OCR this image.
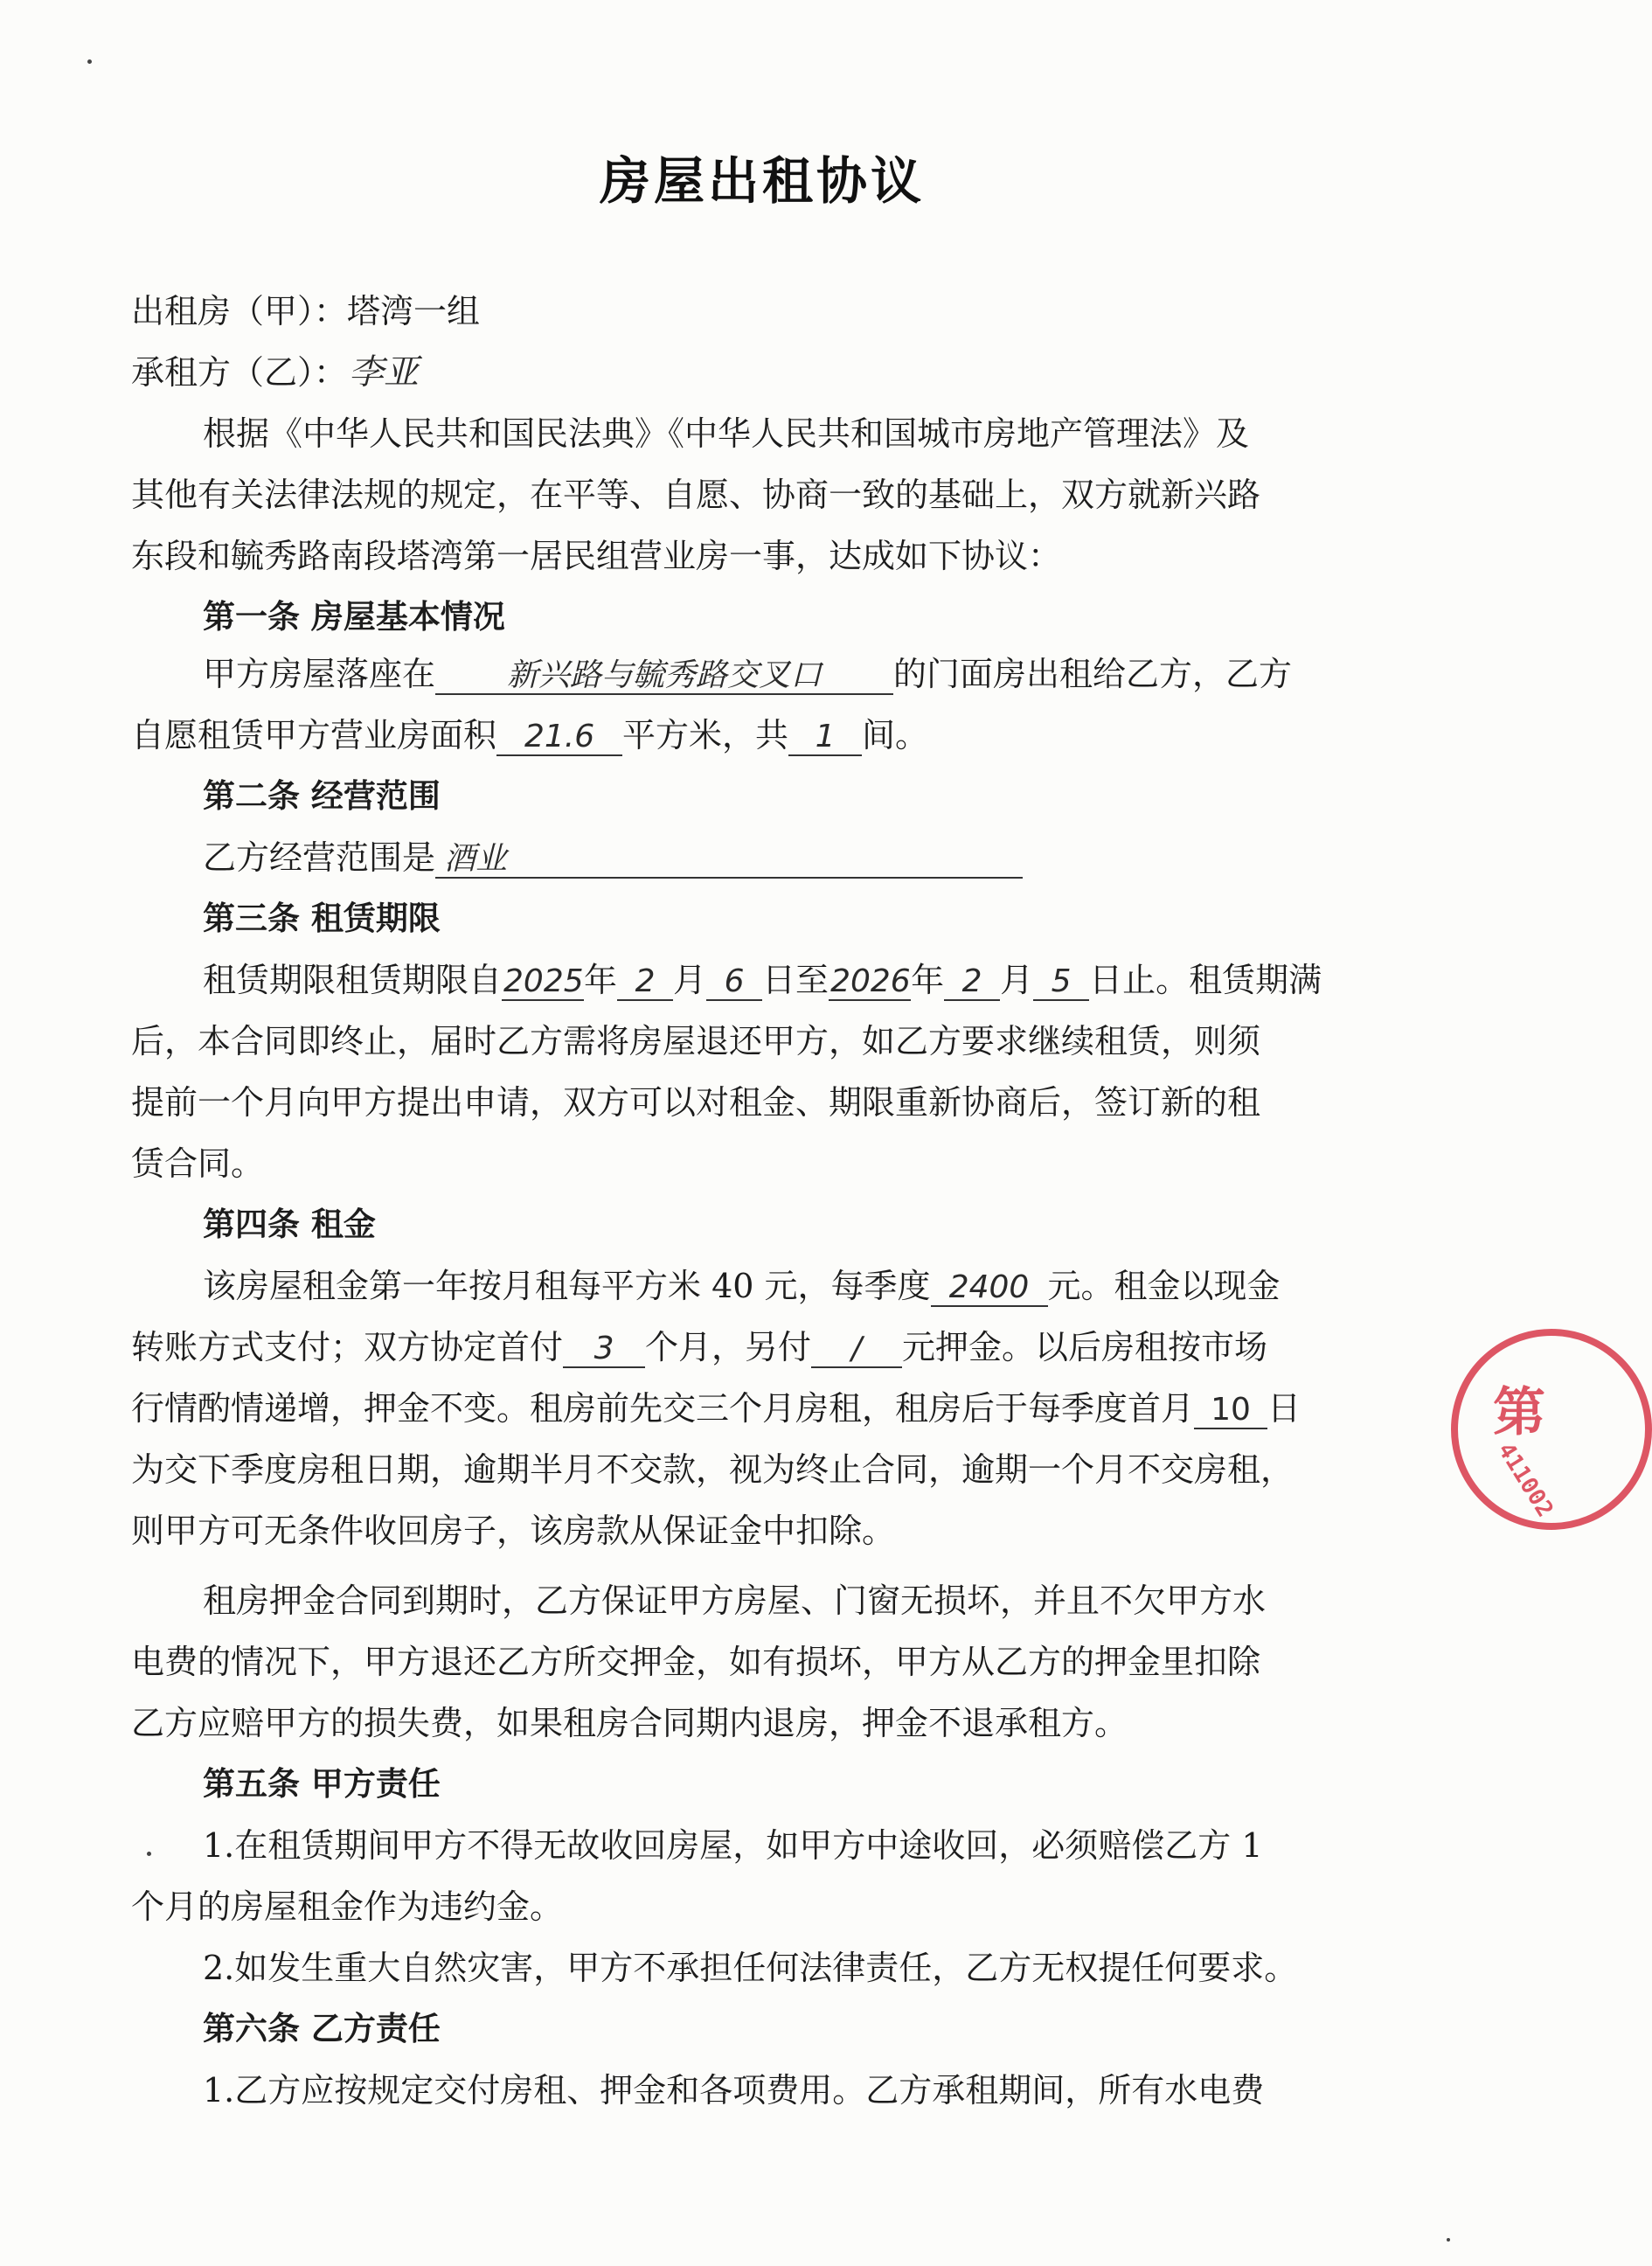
房屋出租协议
出租房（甲）：塔湾一组
承租方（乙）：李亚
根据《中华人民共和国民法典》《中华人民共和国城市房地产管理法》及
其他有关法律法规的规定，在平等、自愿、协商一致的基础上，双方就新兴路
东段和毓秀路南段塔湾第一居民组营业房一事，达成如下协议：
第一条 房屋基本情况
甲方房屋落座在 新兴路与毓秀路交叉口 的门面房出租给乙方，乙方
自愿租赁甲方营业房面积 21.6 平方米，共 1 间。
第二条 经营范围
乙方经营范围是 酒业
第三条 租赁期限
租赁期限租赁期限自2025年 2 月 6 日至2026年 2 月 5 日止。租赁期满
后，本合同即终止，届时乙方需将房屋退还甲方，如乙方要求继续租赁，则须
提前一个月向甲方提出申请，双方可以对租金、期限重新协商后，签订新的租
赁合同。
第四条 租金
该房屋租金第一年按月租每平方米 40 元，每季度 2400 元。租金以现金
转账方式支付；双方协定首付 3 个月，另付 / 元押金。以后房租按市场
行情酌情递增，押金不变。租房前先交三个月房租，租房后于每季度首月 10 日
为交下季度房租日期，逾期半月不交款，视为终止合同，逾期一个月不交房租，
则甲方可无条件收回房子，该房款从保证金中扣除。
租房押金合同到期时，乙方保证甲方房屋、门窗无损坏，并且不欠甲方水
电费的情况下，甲方退还乙方所交押金，如有损坏，甲方从乙方的押金里扣除
乙方应赔甲方的损失费，如果租房合同期内退房，押金不退承租方。
第五条 甲方责任
1.在租赁期间甲方不得无故收回房屋，如甲方中途收回，必须赔偿乙方 1
个月的房屋租金作为违约金。
2.如发生重大自然灾害，甲方不承担任何法律责任，乙方无权提任何要求。
第六条 乙方责任
1.乙方应按规定交付房租、押金和各项费用。乙方承租期间，所有水电费
第
411002
